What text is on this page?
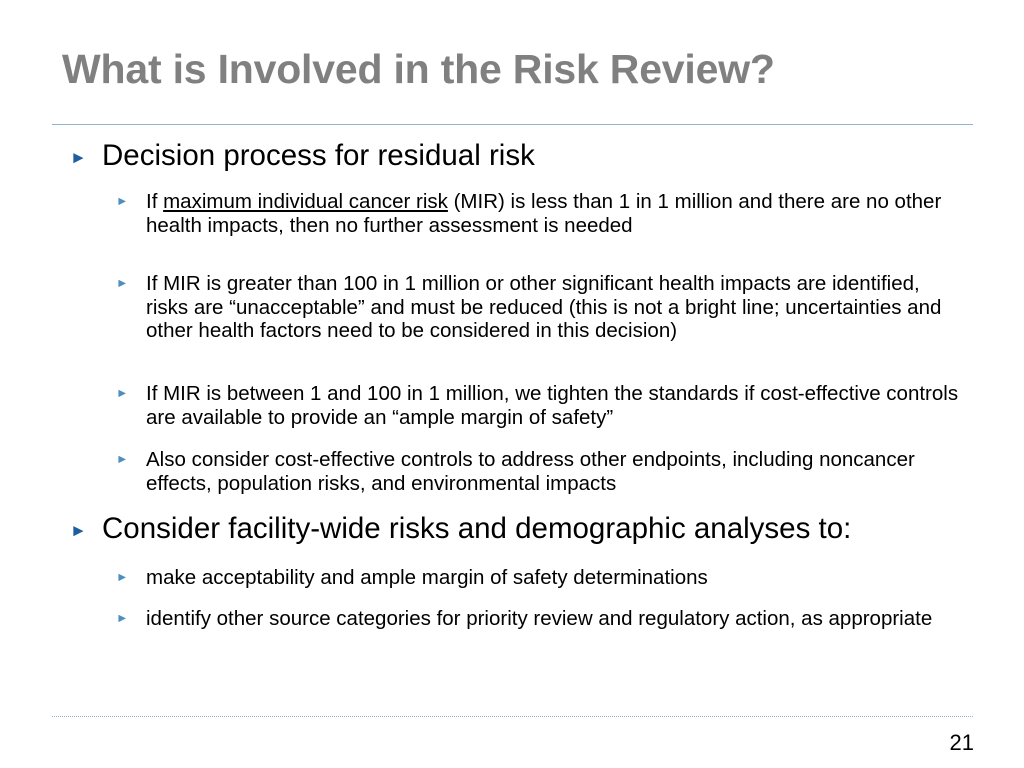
What is Involved in the Risk Review?
► Decision process for residual risk
► If maximum individual cancer risk (MIR) is less than 1 in 1 million and there are no other health impacts, then no further assessment is needed
► If MIR is greater than 100 in 1 million or other significant health impacts are identified, risks are “unacceptable” and must be reduced (this is not a bright line; uncertainties and other health factors need to be considered in this decision)
► If MIR is between 1 and 100 in 1 million, we tighten the standards if cost-effective controls are available to provide an “ample margin of safety”
► Also consider cost-effective controls to address other endpoints, including noncancer effects, population risks, and environmental impacts
► Consider facility-wide risks and demographic analyses to:
► make acceptability and ample margin of safety determinations
► identify other source categories for priority review and regulatory action, as appropriate
21
